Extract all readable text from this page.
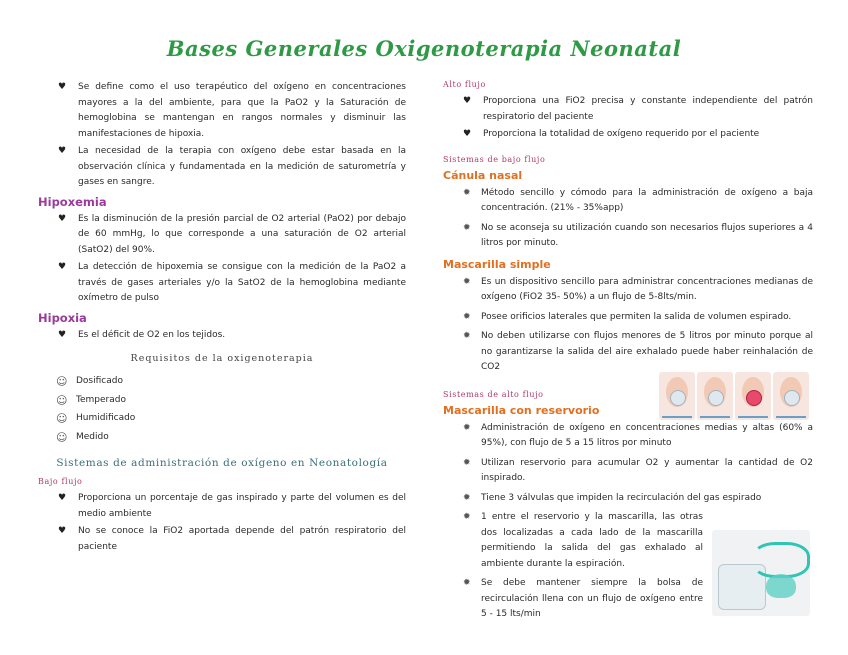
Bases Generales Oxigenoterapia Neonatal
♥ Se define como el uso terapéutico del oxígeno en concentraciones mayores a la del ambiente, para que la PaO2 y la Saturación de hemoglobina se mantengan en rangos normales y disminuir las manifestaciones de hipoxia.
♥ La necesidad de la terapia con oxígeno debe estar basada en la observación clínica y fundamentada en la medición de saturometría y gases en sangre.
Hipoxemia
♥ Es la disminución de la presión parcial de O2 arterial (PaO2) por debajo de 60 mmHg, lo que corresponde a una saturación de O2 arterial (SatO2) del 90%.
♥ La detección de hipoxemia se consigue con la medición de la PaO2 a través de gases arteriales y/o la SatO2 de la hemoglobina mediante oxímetro de pulso
Hipoxia
♥ Es el déficit de O2 en los tejidos.
Requisitos de la oxigenoterapia
☺ Dosificado
☺ Temperado
☺ Humidificado
☺ Medido
Sistemas de administración de oxígeno en Neonatología
Bajo flujo
♥ Proporciona un porcentaje de gas inspirado y parte del volumen es del medio ambiente
♥ No se conoce la FiO2 aportada depende del patrón respiratorio del paciente
Alto flujo
♥ Proporciona una FiO2 precisa y constante independiente del patrón respiratorio del paciente
♥ Proporciona la totalidad de oxígeno requerido por el paciente
Sistemas de bajo flujo
Cánula nasal
✹ Método sencillo y cómodo para la administración de oxígeno a baja concentración. (21% - 35%app)
✹ No se aconseja su utilización cuando son necesarios flujos superiores a 4 litros por minuto.
Mascarilla simple
✹ Es un dispositivo sencillo para administrar concentraciones medianas de oxígeno (FiO2 35- 50%) a un flujo de 5-8lts/min.
✹ Posee orificios laterales que permiten la salida de volumen espirado.
✹ No deben utilizarse con flujos menores de 5 litros por minuto porque al no garantizarse la salida del aire exhalado puede haber reinhalación de CO2
Sistemas de alto flujo
Mascarilla con reservorio
✹ Administración de oxígeno en concentraciones medias y altas (60% a 95%), con flujo de 5 a 15 litros por minuto
✹ Utilizan reservorio para acumular O2 y aumentar la cantidad de O2 inspirado.
✹ Tiene 3 válvulas que impiden la recirculación del gas espirado
✹ 1 entre el reservorio y la mascarilla, las otras dos localizadas a cada lado de la mascarilla permitiendo la salida del gas exhalado al ambiente durante la espiración.
✹ Se debe mantener siempre la bolsa de recirculación llena con un flujo de oxígeno entre 5 - 15 lts/min
